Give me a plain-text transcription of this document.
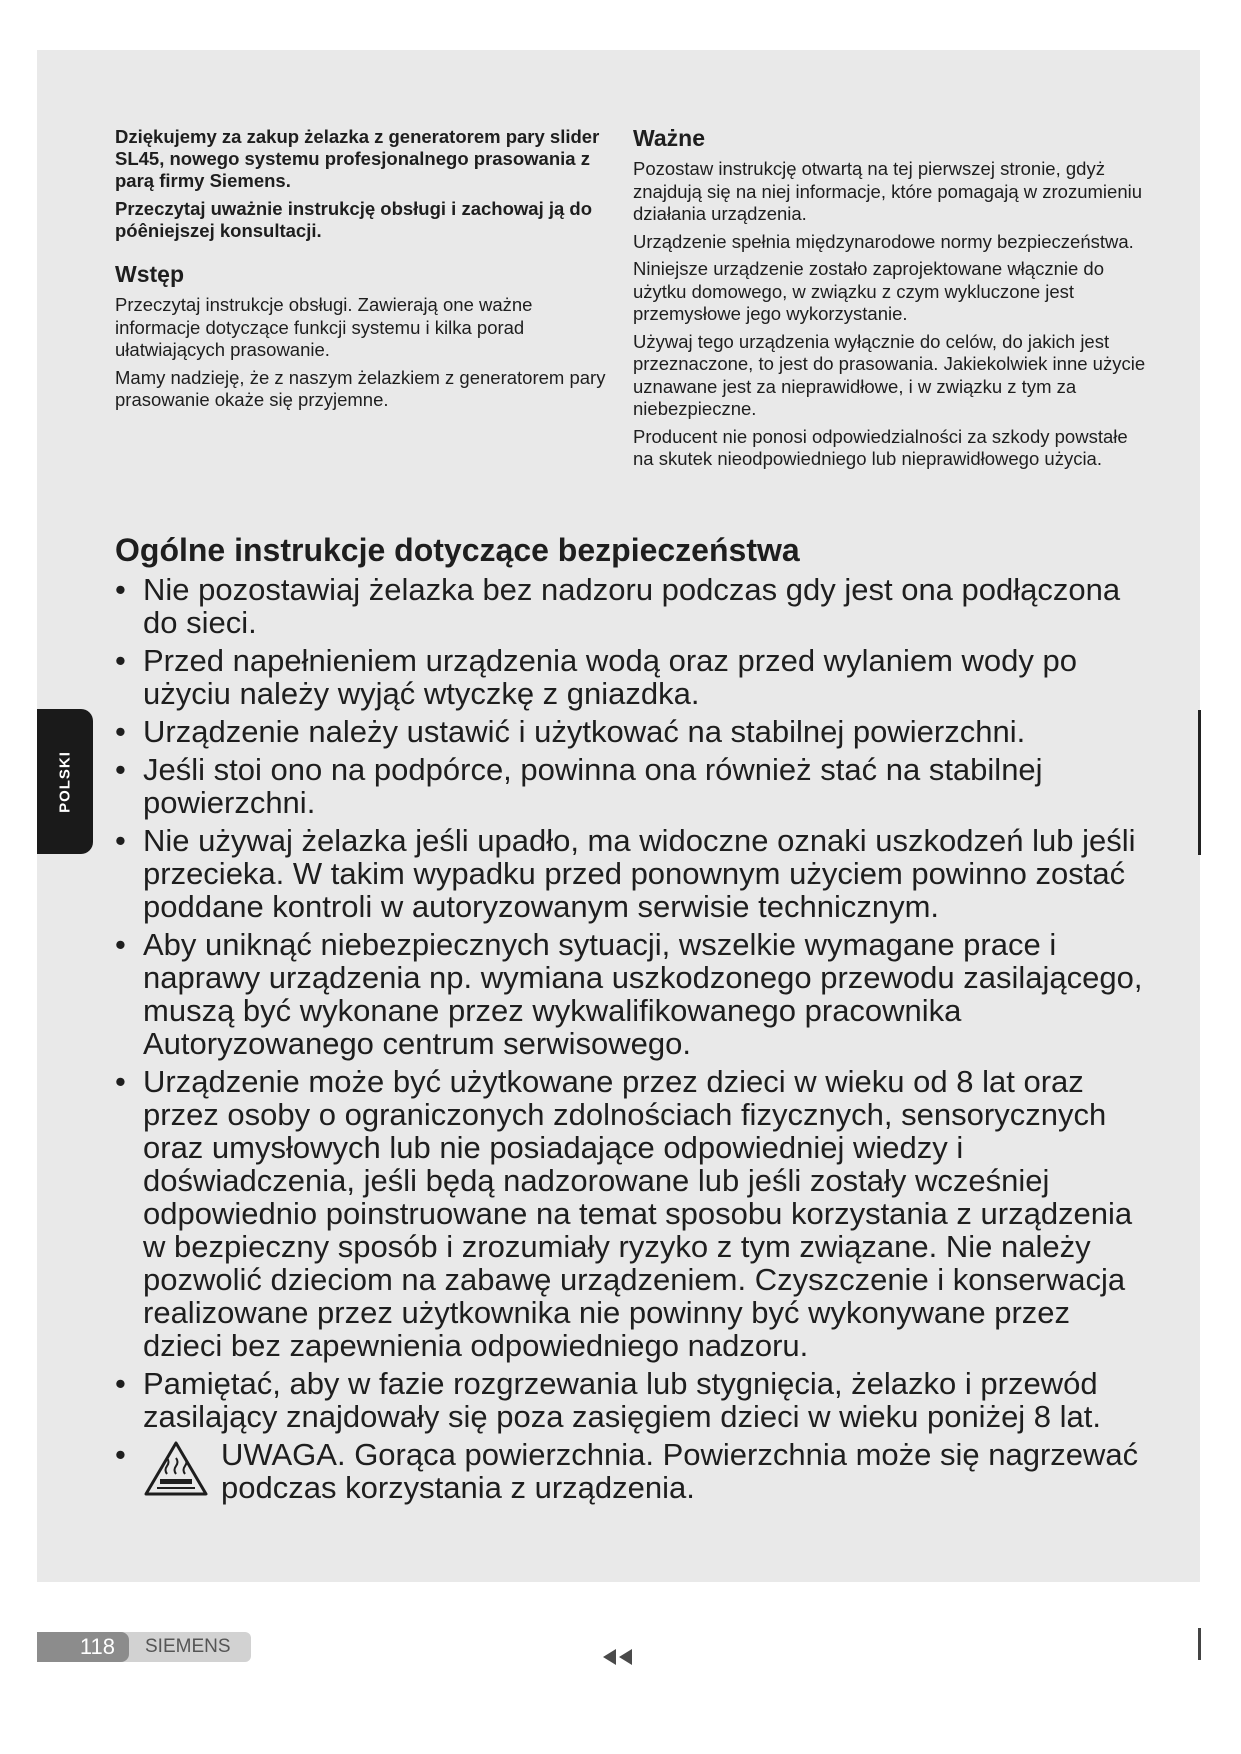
Dziękujemy za zakup żelazka z generatorem pary slider SL45, nowego systemu profesjonalnego prasowania z parą firmy Siemens.

Przeczytaj uważnie instrukcję obsługi i zachowaj ją do póêniejszej konsultacji.

Wstęp

Przeczytaj instrukcje obsługi. Zawierają one ważne informacje dotyczące funkcji systemu i kilka porad ułatwiających prasowanie.

Mamy nadzieję, że z naszym żelazkiem z generatorem pary prasowanie okaże się przyjemne.

Ważne

Pozostaw instrukcję otwartą na tej pierwszej stronie, gdyż znajdują się na niej informacje, które pomagają w zrozumieniu działania urządzenia.

Urządzenie spełnia międzynarodowe normy bezpieczeństwa.

Niniejsze urządzenie zostało zaprojektowane włącznie do użytku domowego, w związku z czym wykluczone jest przemysłowe jego wykorzystanie.

Używaj tego urządzenia wyłącznie do celów, do jakich jest przeznaczone, to jest do prasowania. Jakiekolwiek inne użycie uznawane jest za nieprawidłowe, i w związku z tym za niebezpieczne.

Producent nie ponosi odpowiedzialności za szkody powstałe na skutek nieodpowiedniego lub nieprawidłowego użycia.

Ogólne instrukcje dotyczące bezpieczeństwa
• Nie pozostawiaj żelazka bez nadzoru podczas gdy jest ona podłączona do sieci.
• Przed napełnieniem urządzenia wodą oraz przed wylaniem wody po użyciu należy wyjąć wtyczkę z gniazdka.
• Urządzenie należy ustawić i użytkować na stabilnej powierzchni.
• Jeśli stoi ono na podpórce, powinna ona również stać na stabilnej powierzchni.
• Nie używaj żelazka jeśli upadło, ma widoczne oznaki uszkodzeń lub jeśli przecieka. W takim wypadku przed ponownym użyciem powinno zostać poddane kontroli w autoryzowanym serwisie technicznym.
• Aby uniknąć niebezpiecznych sytuacji, wszelkie wymagane prace i naprawy urządzenia np. wymiana uszkodzonego przewodu zasilającego, muszą być wykonane przez wykwalifikowanego pracownika Autoryzowanego centrum serwisowego.
• Urządzenie może być użytkowane przez dzieci w wieku od 8 lat oraz przez osoby o ograniczonych zdolnościach fizycznych, sensorycznych oraz umysłowych lub nie posiadające odpowiedniej wiedzy i doświadczenia, jeśli będą nadzorowane lub jeśli zostały wcześniej odpowiednio poinstruowane na temat sposobu korzystania z urządzenia w bezpieczny sposób i zrozumiały ryzyko z tym związane. Nie należy pozwolić dzieciom na zabawę urządzeniem. Czyszczenie i konserwacja realizowane przez użytkownika nie powinny być wykonywane przez dzieci bez zapewnienia odpowiedniego nadzoru.
• Pamiętać, aby w fazie rozgrzewania lub stygnięcia, żelazko i przewód zasilający znajdowały się poza zasięgiem dzieci w wieku poniżej 8 lat.
•	UWAGA. Gorąca powierzchnia. Powierzchnia może się nagrzewać podczas korzystania z urządzenia.
POLSKI
118	SIEMENS
